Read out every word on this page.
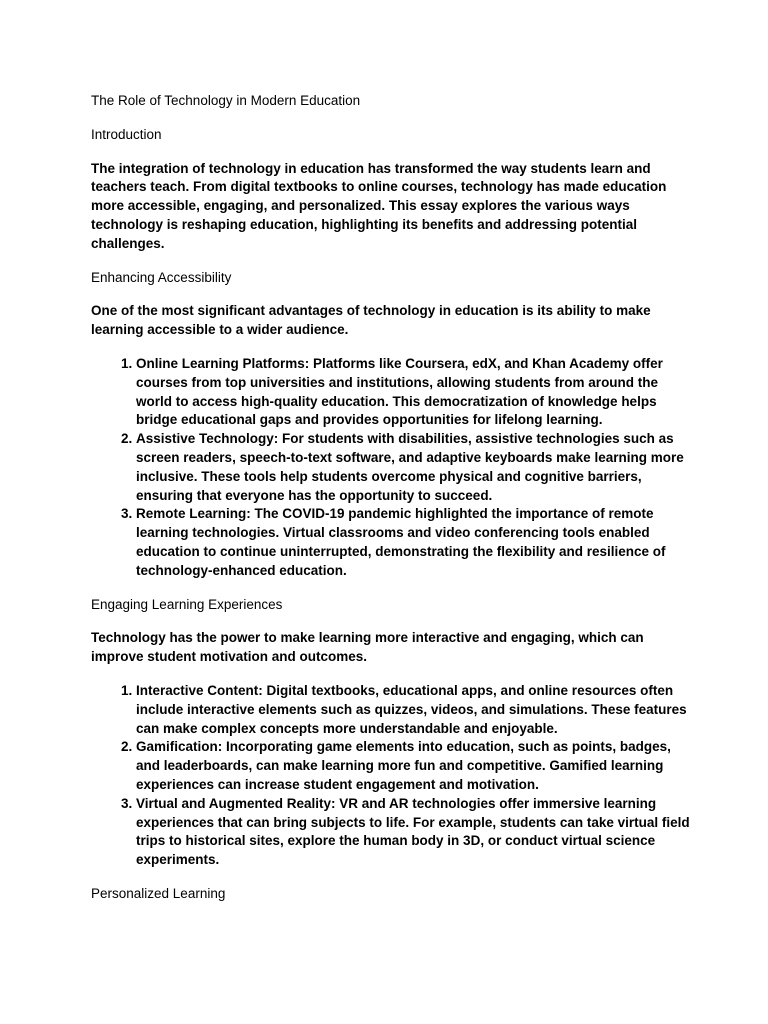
The Role of Technology in Modern Education

Introduction

The integration of technology in education has transformed the way students learn and teachers teach. From digital textbooks to online courses, technology has made education more accessible, engaging, and personalized. This essay explores the various ways technology is reshaping education, highlighting its benefits and addressing potential challenges.

Enhancing Accessibility

One of the most significant advantages of technology in education is its ability to make learning accessible to a wider audience.

1. Online Learning Platforms: Platforms like Coursera, edX, and Khan Academy offer courses from top universities and institutions, allowing students from around the world to access high-quality education. This democratization of knowledge helps bridge educational gaps and provides opportunities for lifelong learning.
2. Assistive Technology: For students with disabilities, assistive technologies such as screen readers, speech-to-text software, and adaptive keyboards make learning more inclusive. These tools help students overcome physical and cognitive barriers, ensuring that everyone has the opportunity to succeed.
3. Remote Learning: The COVID-19 pandemic highlighted the importance of remote learning technologies. Virtual classrooms and video conferencing tools enabled education to continue uninterrupted, demonstrating the flexibility and resilience of technology-enhanced education.

Engaging Learning Experiences

Technology has the power to make learning more interactive and engaging, which can improve student motivation and outcomes.

1. Interactive Content: Digital textbooks, educational apps, and online resources often include interactive elements such as quizzes, videos, and simulations. These features can make complex concepts more understandable and enjoyable.
2. Gamification: Incorporating game elements into education, such as points, badges, and leaderboards, can make learning more fun and competitive. Gamified learning experiences can increase student engagement and motivation.
3. Virtual and Augmented Reality: VR and AR technologies offer immersive learning experiences that can bring subjects to life. For example, students can take virtual field trips to historical sites, explore the human body in 3D, or conduct virtual science experiments.

Personalized Learning
